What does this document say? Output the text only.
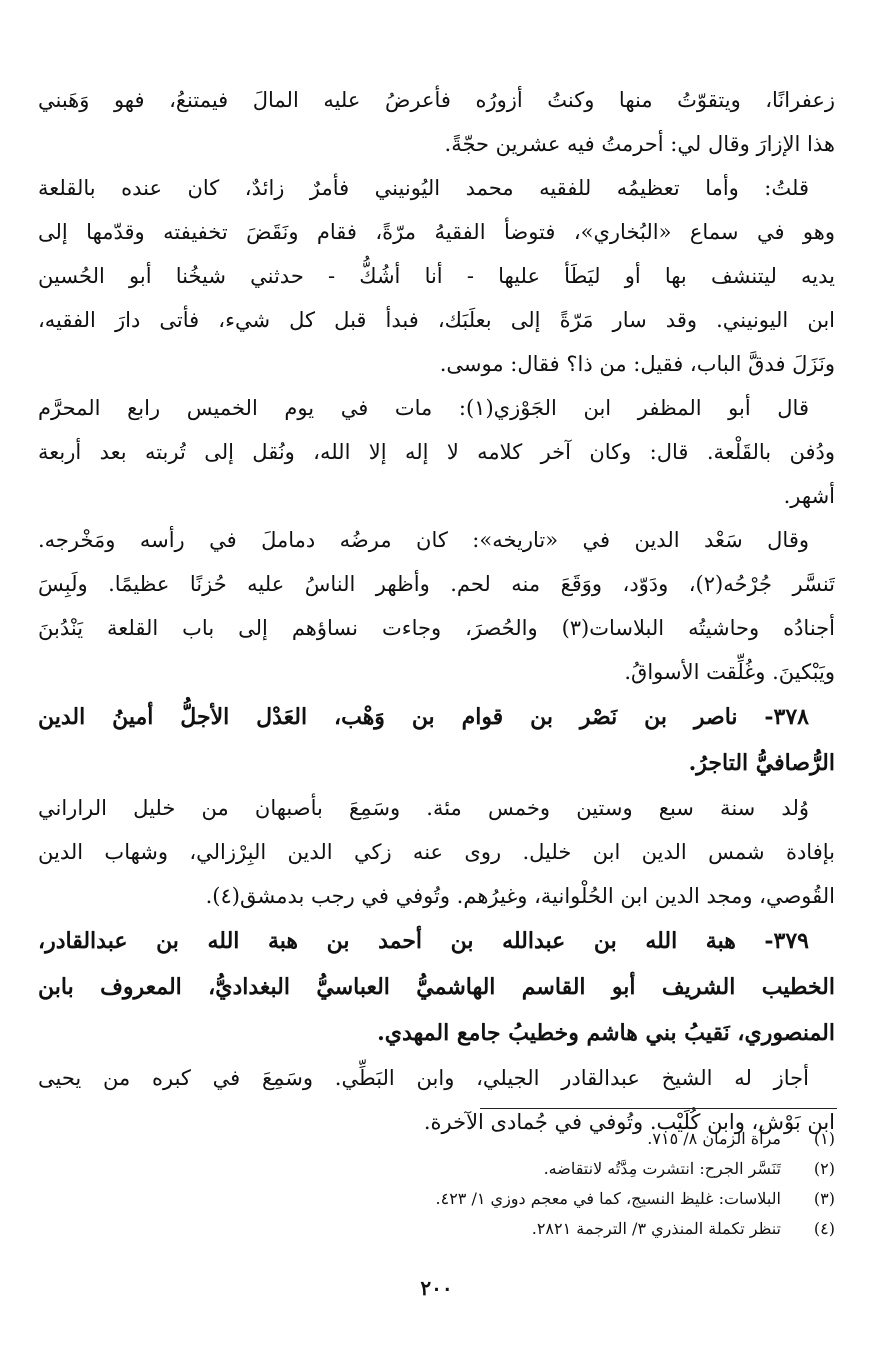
زعفرانًا، ويتقوّتُ منها وكنتُ أزورُه فأعرضُ عليه المالَ فيمتنعُ، فهو وَهَبني
هذا الإزارَ وقال لي: أحرمتُ فيه عشرين حجّةً.
قلتُ: وأما تعظيمُه للفقيه محمد اليُونيني فأمرٌ زائدٌ، كان عنده بالقلعة
وهو في سماع «البُخاري»، فتوضأ الفقيهُ مرّةً، فقام ونَقَضَ تخفيفته وقدّمها إلى
يديه ليتنشف بها أو ليَطَأ عليها - أنا أشُكُّ - حدثني شيخُنا أبو الحُسين
ابن اليونيني. وقد سار مَرّةً إلى بعلَبَك، فبدأ قبل كل شيء، فأتى دارَ الفقيه،
ونَزَلَ فدقَّ الباب، فقيل: من ذا؟ فقال: موسى.
قال أبو المظفر ابن الجَوْزي(١): مات في يوم الخميس رابع المحرَّم
ودُفن بالقَلْعة. قال: وكان آخر كلامه لا إله إلا الله، ونُقل إلى تُربته بعد أربعة
أشهر.
وقال سَعْد الدين في «تاريخه»: كان مرضُه دماملَ في رأسه ومَخْرجه.
تَنسَّر جُرْحُه(٢)، ودَوّد، ووَقَعَ منه لحم. وأظهر الناسُ عليه حُزنًا عظيمًا. ولَبِسَ
أجنادُه وحاشيتُه البلاسات(٣) والحُصرَ، وجاءت نساؤهم إلى باب القلعة يَنْدُبنَ
ويَبْكينَ. وغُلِّقت الأسواقُ.
٣٧٨- ناصر بن نَصْر بن قوام بن وَهْب، العَدْل الأجلُّ أمينُ الدين
الرُّصافيُّ التاجرُ.
وُلد سنة سبع وستين وخمس مئة. وسَمِعَ بأصبهان من خليل الراراني
بإفادة شمس الدين ابن خليل. روى عنه زكي الدين البِرْزالي، وشهاب الدين
القُوصي، ومجد الدين ابن الحُلْوانية، وغيرُهم. وتُوفي في رجب بدمشق(٤).
٣٧٩- هبة الله بن عبدالله بن أحمد بن هبة الله بن عبدالقادر،
الخطيب الشريف أبو القاسم الهاشميُّ العباسيُّ البغداديُّ، المعروف بابن
المنصوري، نَقيبُ بني هاشم وخطيبُ جامع المهدي.
أجاز له الشيخ عبدالقادر الجيلي، وابن البَطِّي. وسَمِعَ في كبره من يحيى
ابن بَوْش، وابن كُلَيْب. وتُوفي في جُمادى الآخرة.
(١)
مرآة الزمان ٨/ ٧١٥.
(٢)
تَنَسَّر الجرح: انتشرت مِدَّتُه لانتقاضه.
(٣)
البلاسات: غليظ النسيج، كما في معجم دوزي ١/ ٤٢٣.
(٤)
تنظر تكملة المنذري ٣/ الترجمة ٢٨٢١.
٢٠٠
